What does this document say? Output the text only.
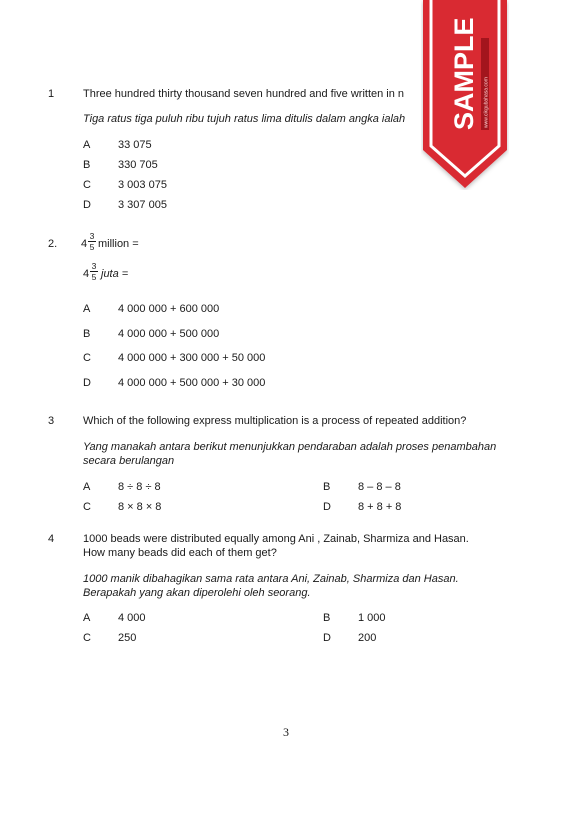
1	Three hundred thirty thousand seven hundred and five written in n
Tiga ratus tiga puluh ribu tujuh ratus lima ditulis dalam angka ialah
A	33 075
B	330 705
C 3 003 075
D 3 307 005
2. 4
3
5 million =
4
3
5 juta =
A	4 000 000 + 600 000
B	4 000 000 + 500 000
C 4 000 000 + 300 000 + 50 000
D 4 000 000 + 500 000 + 30 000
3	Which of the following express multiplication is a process of repeated addition?
Yang manakah antara berikut menunjukkan pendaraban adalah proses penambahan
secara berulangan
A	8 ÷ 8 ÷ 8	B	8 – 8 – 8
C 8 × 8 × 8	D 8 + 8 + 8
4	1000 beads were distributed equally among Ani , Zainab, Sharmiza and Hasan.
How many beads did each of them get?
1000 manik dibahagikan sama rata antara Ani, Zainab, Sharmiza dan Hasan.
Berapakah yang akan diperolehi oleh seorang.
A	4 000	B	1 000
C 250	D 200
3
SAMPLE www.cikgubahasa.com
